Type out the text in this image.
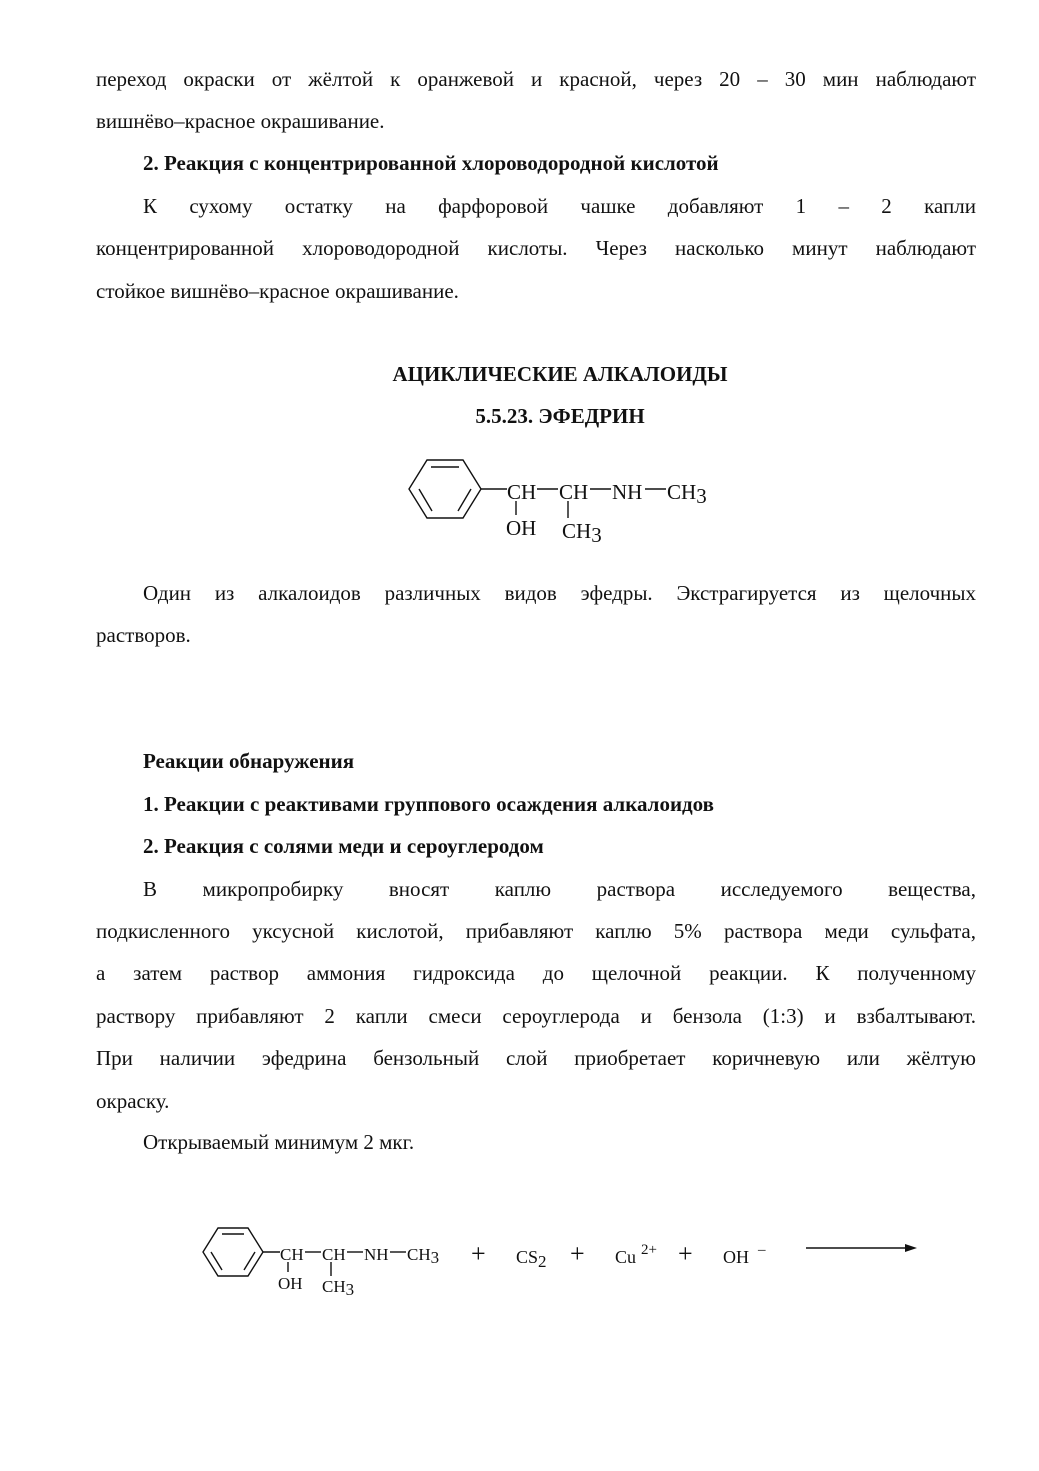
переход окраски от жёлтой к оранжевой и красной, через 20 – 30 мин наблюдают
вишнёво–красное окрашивание.
2. Реакция с концентрированной хлороводородной кислотой
К сухому остатку на фарфоровой чашке добавляют 1 – 2 капли
концентрированной хлороводородной кислоты. Через насколько минут наблюдают
стойкое вишнёво–красное окрашивание.
АЦИКЛИЧЕСКИЕ АЛКАЛОИДЫ
5.5.23. ЭФЕДРИН
CH CH NH CH3
OH CH3
Один из алкалоидов различных видов эфедры. Экстрагируется из щелочных
растворов.
Реакции обнаружения
1. Реакции с реактивами группового осаждения алкалоидов
2. Реакция с солями меди и сероуглеродом
В микропробирку вносят каплю раствора исследуемого вещества,
подкисленного уксусной кислотой, прибавляют каплю 5% раствора меди сульфата,
а затем раствор аммония гидроксида до щелочной реакции. К полученному
раствору прибавляют 2 капли смеси сероуглерода и бензола (1:3) и взбалтывают.
При наличии эфедрина бензольный слой приобретает коричневую или жёлтую
окраску.
Открываемый минимум 2 мкг.
CH CH NH CH3
OH CH3
+ CS2 + Cu $^{2+}$ + OH –
